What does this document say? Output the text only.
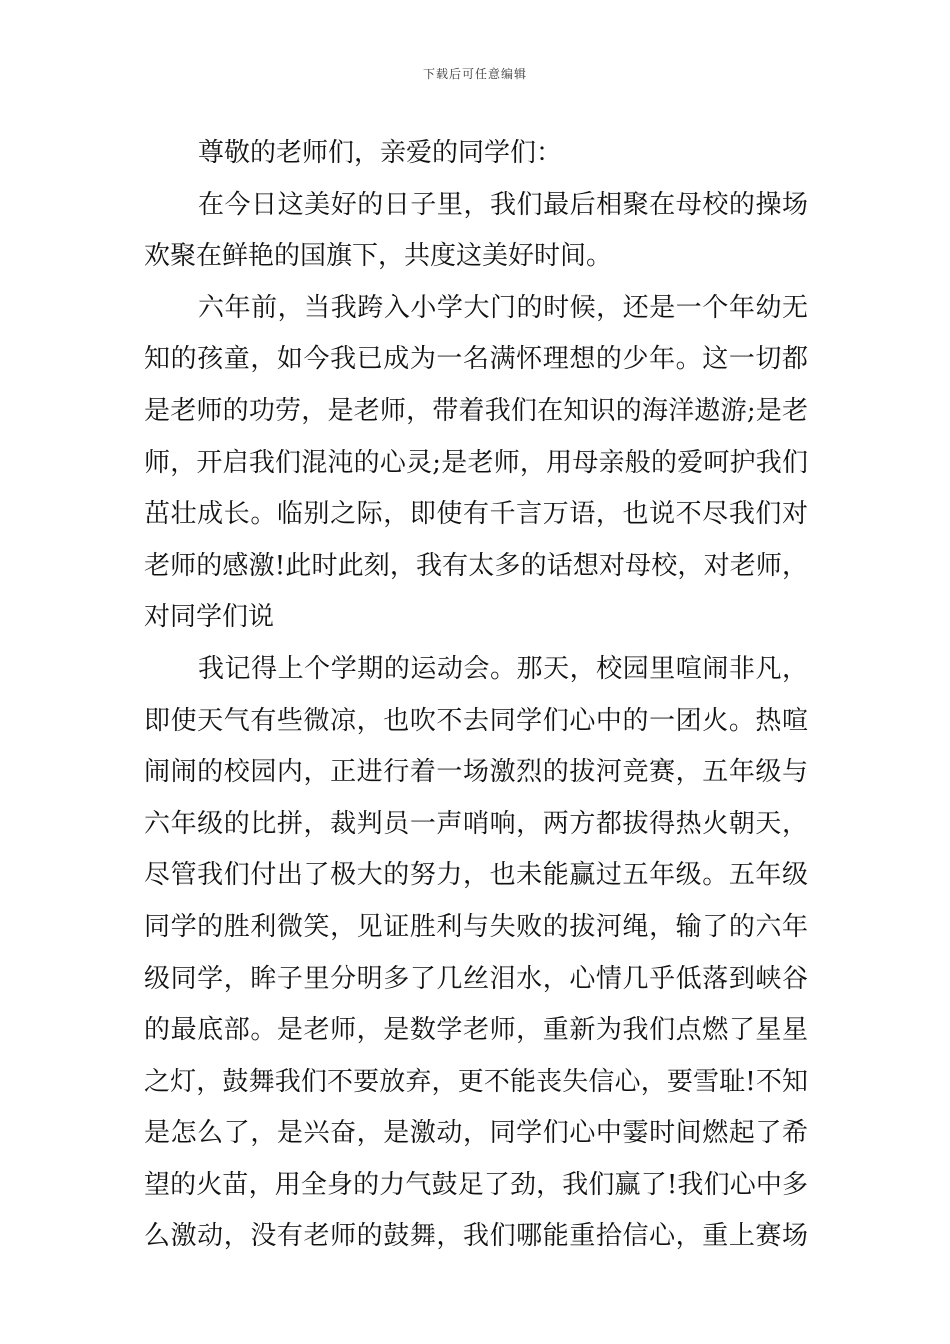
下载后可任意编辑
尊敬的老师们，亲爱的同学们：
在今日这美好的日子里，我们最后相聚在母校的操场
欢聚在鲜艳的国旗下，共度这美好时间。
六年前，当我跨入小学大门的时候，还是一个年幼无
知的孩童，如今我已成为一名满怀理想的少年。这一切都
是老师的功劳，是老师，带着我们在知识的海洋遨游;是老
师，开启我们混沌的心灵;是老师，用母亲般的爱呵护我们
茁壮成长。临别之际，即使有千言万语，也说不尽我们对
老师的感激!此时此刻，我有太多的话想对母校，对老师，
对同学们说
我记得上个学期的运动会。那天，校园里喧闹非凡，
即使天气有些微凉，也吹不去同学们心中的一团火。热喧
闹闹的校园内，正进行着一场激烈的拔河竞赛，五年级与
六年级的比拼，裁判员一声哨响，两方都拔得热火朝天，
尽管我们付出了极大的努力，也未能赢过五年级。五年级
同学的胜利微笑，见证胜利与失败的拔河绳，输了的六年
级同学，眸子里分明多了几丝泪水，心情几乎低落到峡谷
的最底部。是老师，是数学老师，重新为我们点燃了星星
之灯，鼓舞我们不要放弃，更不能丧失信心，要雪耻!不知
是怎么了，是兴奋，是激动，同学们心中霎时间燃起了希
望的火苗，用全身的力气鼓足了劲，我们赢了!我们心中多
么激动，没有老师的鼓舞，我们哪能重拾信心，重上赛场
